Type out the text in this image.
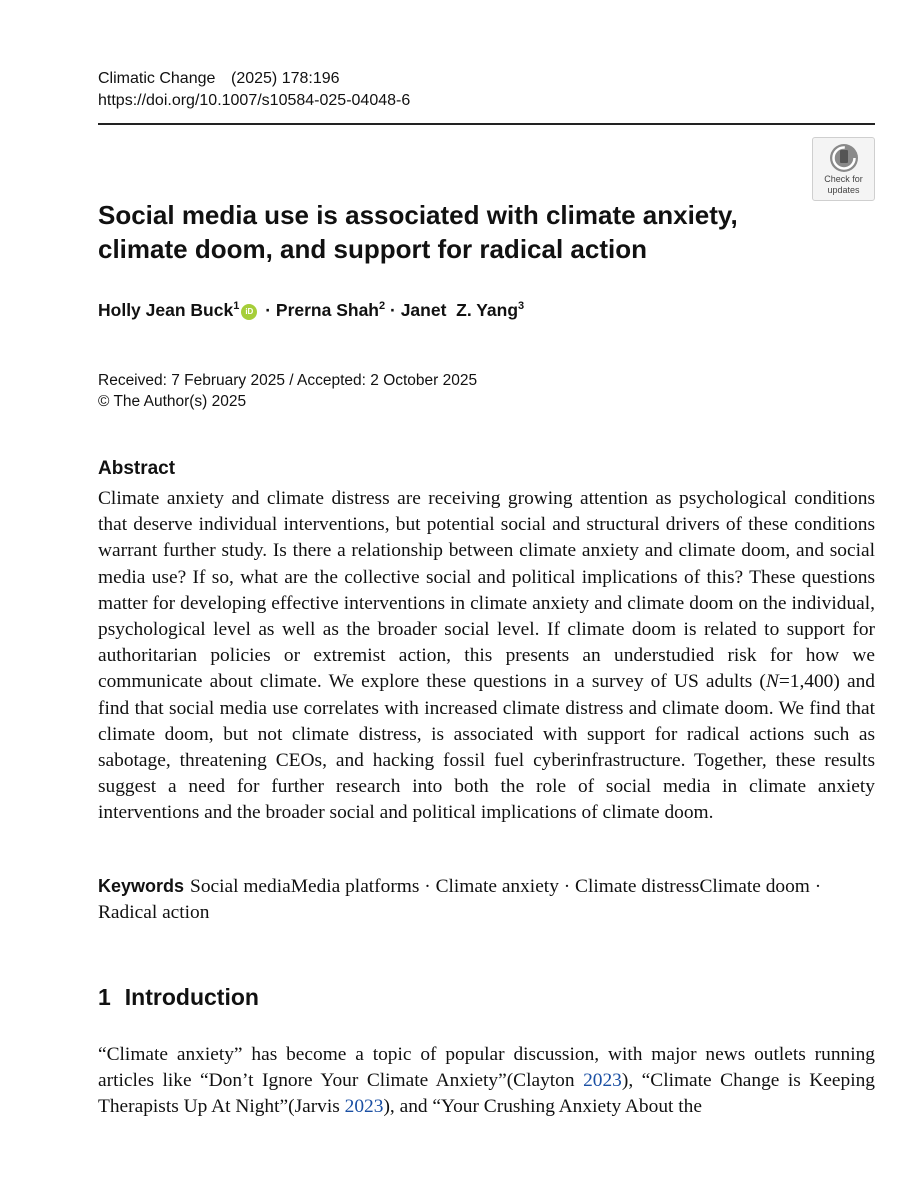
Climatic Change (2025) 178:196
https://doi.org/10.1007/s10584-025-04048-6
Check for
updates
Social media use is associated with climate anxiety, climate doom, and support for radical action
Holly Jean Buck$^1$ iD · Prerna Shah$^2$ · Janet  Z. Yang$^3$
Received: 7 February 2025 / Accepted: 2 October 2025
© The Author(s) 2025
Abstract
Climate anxiety and climate distress are receiving growing attention as psychological conditions that deserve individual interventions, but potential social and structural drivers of these conditions warrant further study. Is there a relationship between climate anxiety and climate doom, and social media use? If so, what are the collective social and political implications of this? These questions matter for developing effective interventions in climate anxiety and climate doom on the individual, psychological level as well as the broader social level. If climate doom is related to support for authoritarian policies or extremist action, this presents an understudied risk for how we communicate about climate. We explore these questions in a survey of US adults (N=1,400) and find that social media use correlates with increased climate distress and climate doom. We find that climate doom, but not climate distress, is associated with support for radical actions such as sabotage, threatening CEOs, and hacking fossil fuel cyberinfrastructure. Together, these results suggest a need for further research into both the role of social media in climate anxiety interventions and the broader social and political implications of climate doom.
Keywords Social mediaMedia platforms · Climate anxiety · Climate distressClimate doom · Radical action
1 Introduction
“Climate anxiety” has become a topic of popular discussion, with major news outlets running articles like “Don’t Ignore Your Climate Anxiety”(Clayton 2023), “Climate Change is Keeping Therapists Up At Night”(Jarvis 2023), and “Your Crushing Anxiety About the
